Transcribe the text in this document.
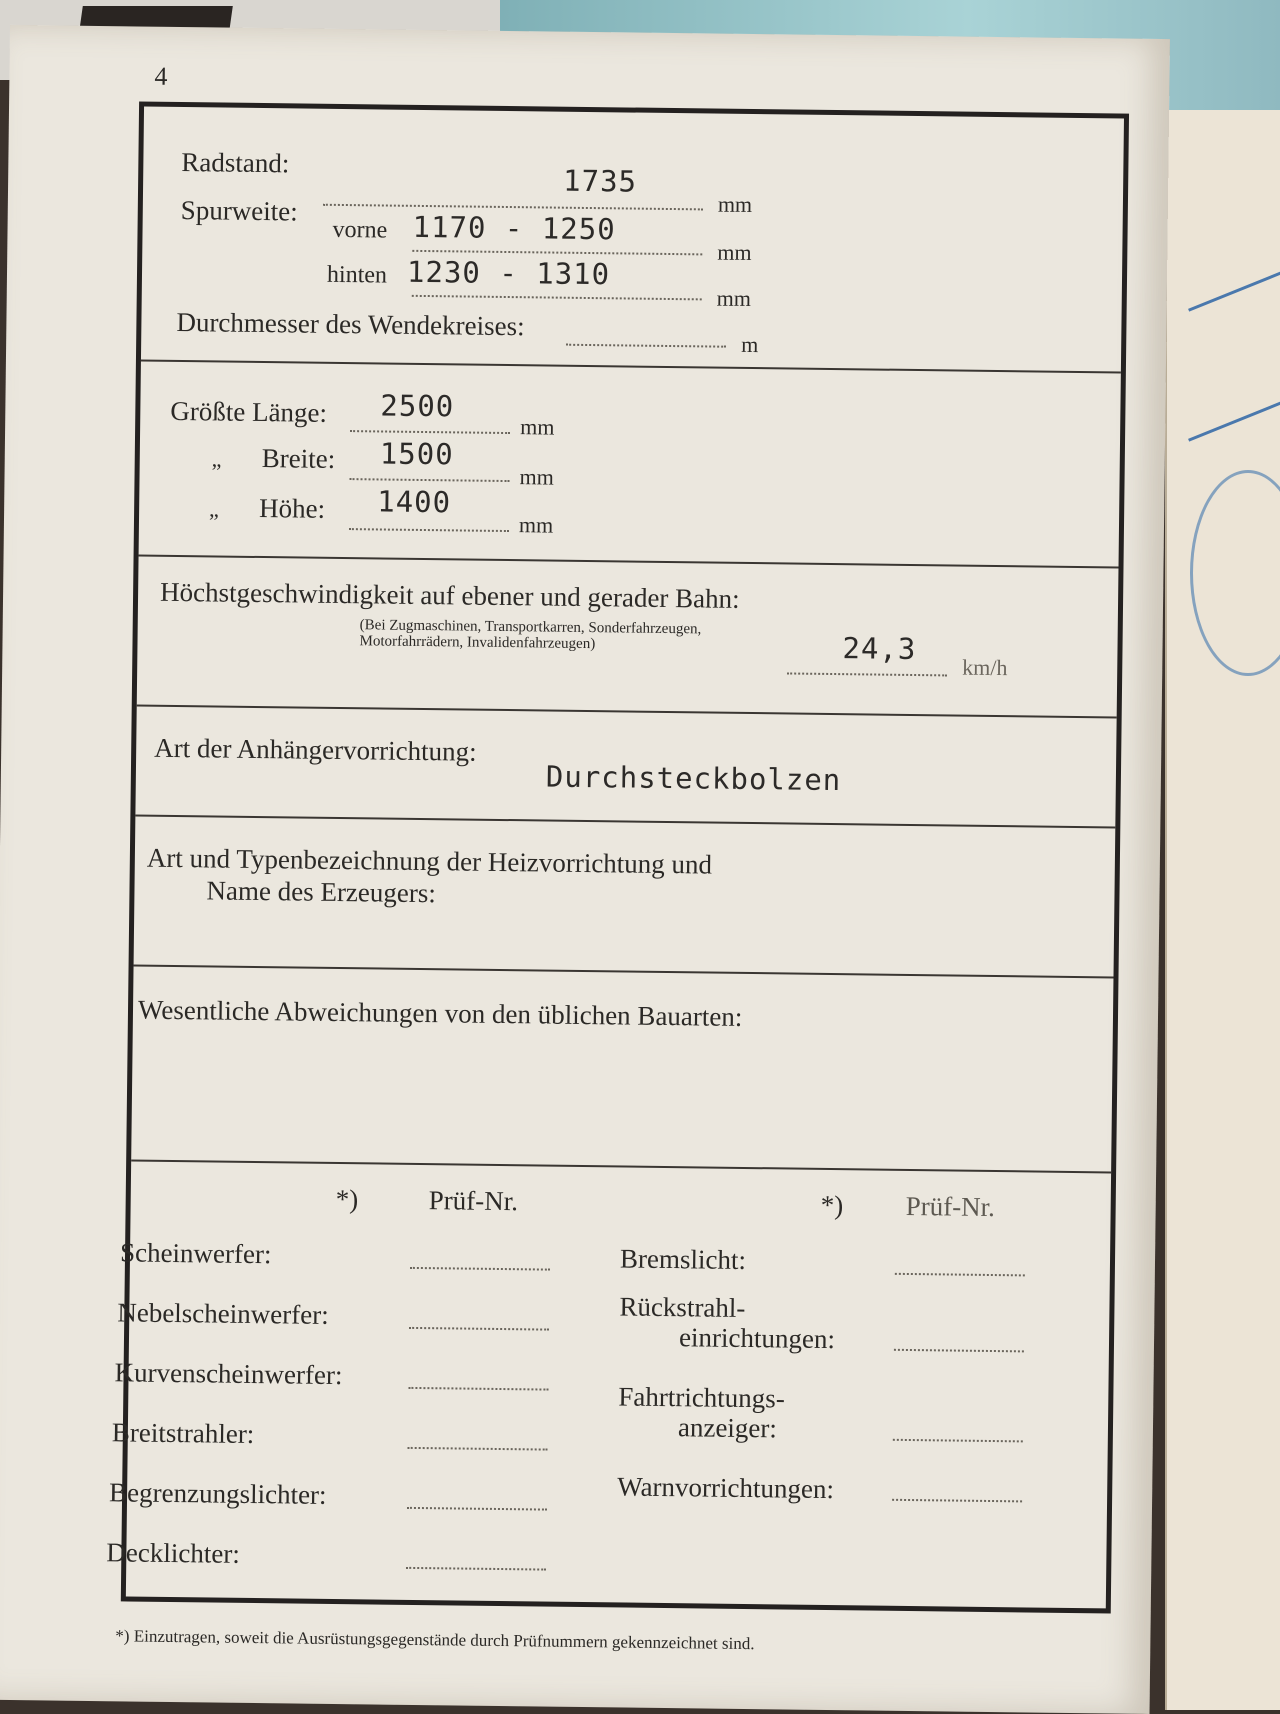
4
Radstand:
1735
mm
Spurweite:
vorne 1170 - 1250
mm
hinten 1230 - 1310
mm
Durchmesser des Wendekreises:
m
Größte Länge: 2500
mm
„ Breite: 1500
mm
„ Höhe: 1400
mm
Höchstgeschwindigkeit auf ebener und gerader Bahn:
(Bei Zugmaschinen, Transportkarren, Sonderfahrzeugen,
Motorfahrrädern, Invalidenfahrzeugen)	24,3
km/h
Art der Anhängervorrichtung:
Durchsteckbolzen
Art und Typenbezeichnung der Heizvorrichtung und
Name des Erzeugers:
Wesentliche Abweichungen von den üblichen Bauarten:
*)	Prüf-Nr.	*) Prüf-Nr.
Scheinwerfer:
Nebelscheinwerfer:
Kurvenscheinwerfer:
Breitstrahler:
Begrenzungslichter:
Decklichter:
Bremslicht:
Rückstrahl-
einrichtungen:
Fahrtrichtungs-
anzeiger:
Warnvorrichtungen:
*) Einzutragen, soweit die Ausrüstungsgegenstände durch Prüfnummern gekennzeichnet sind.
